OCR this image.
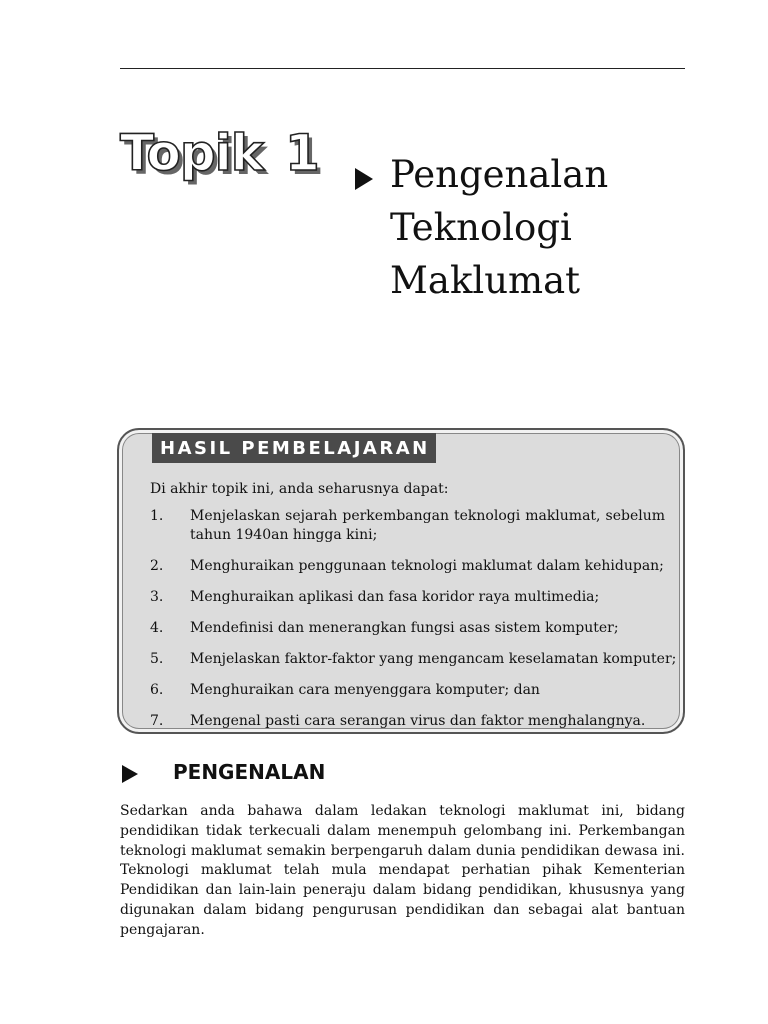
Topik 1 Pengenalan
Teknologi
Maklumat
HASIL PEMBELAJARAN
Di akhir topik ini, anda seharusnya dapat:
1. Menjelaskan sejarah perkembangan teknologi maklumat, sebelum tahun 1940an hingga kini;
2. Menghuraikan penggunaan teknologi maklumat dalam kehidupan;
3. Menghuraikan aplikasi dan fasa koridor raya multimedia;
4. Mendefinisi dan menerangkan fungsi asas sistem komputer;
5. Menjelaskan faktor-faktor yang mengancam keselamatan komputer;
6. Menghuraikan cara menyenggara komputer; dan
7. Mengenal pasti cara serangan virus dan faktor menghalangnya.
PENGENALAN

Sedarkan anda bahawa dalam ledakan teknologi maklumat ini, bidang pendidikan tidak terkecuali dalam menempuh gelombang ini. Perkembangan teknologi maklumat semakin berpengaruh dalam dunia pendidikan dewasa ini. Teknologi maklumat telah mula mendapat perhatian pihak Kementerian Pendidikan dan lain-lain peneraju dalam bidang pendidikan, khususnya yang digunakan dalam bidang pengurusan pendidikan dan sebagai alat bantuan pengajaran.
